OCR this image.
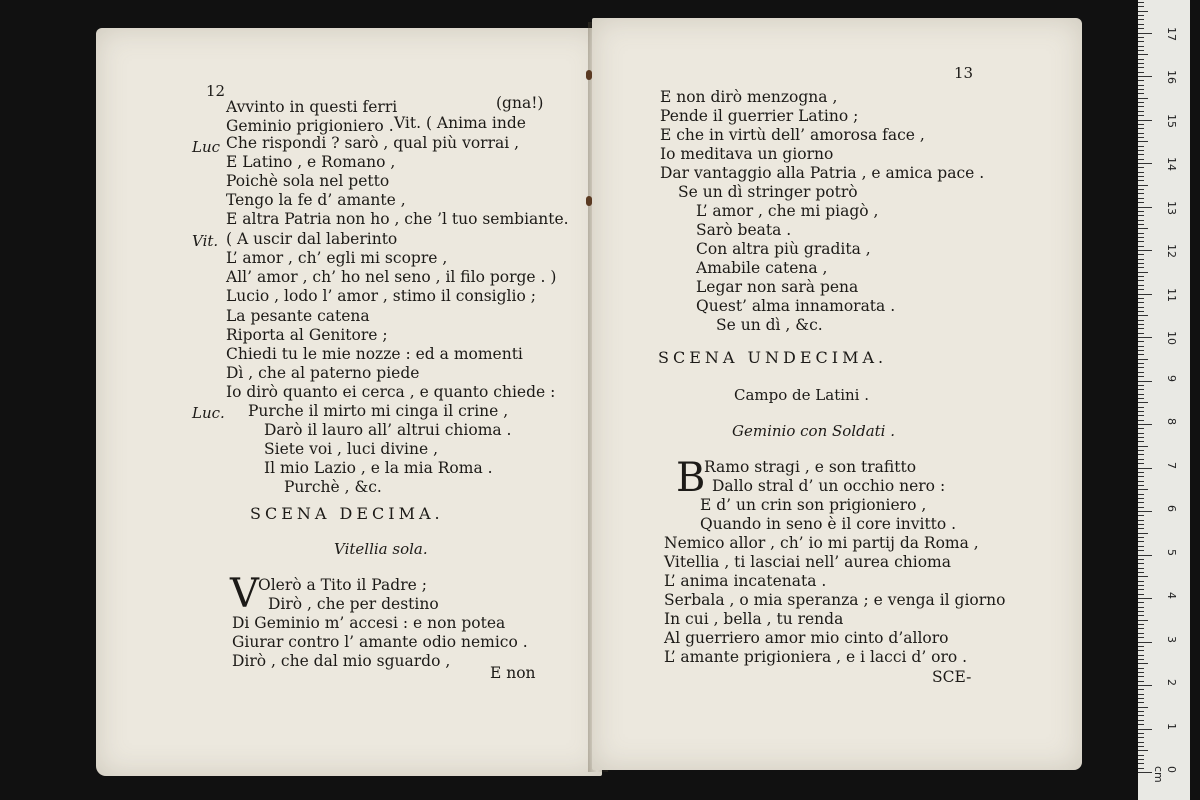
12
Avvinto in questi ferri	(gna!)
Geminio prigioniero . Vit. ( Anima inde
Luc Che rispondi ? sarò , qual più vorrai ,
E Latino , e Romano ,
Poichè sola nel petto
Tengo la fe d’ amante ,
E altra Patria non ho , che ’l tuo sembiante.
Vit. ( A uscir dal laberinto
L’ amor , ch’ egli mi scopre ,
All’ amor , ch’ ho nel seno , il filo porge . )
Lucio , lodo l’ amor , stimo il consiglio ;
La pesante catena
Riporta al Genitore ;
Chiedi tu le mie nozze : ed a momenti
Dì , che al paterno piede
Io dirò quanto ei cerca , e quanto chiede :
Luc. Purche il mirto mi cinga il crine ,
Darò il lauro all’ altrui chioma .
Siete voi , luci divine ,
Il mio Lazio , e la mia Roma .
Purchè , &c.
SCENA DECIMA.
Vitellia sola.
V Olerò a Tito il Padre ;
Dirò , che per destino
Di Geminio m’ accesi : e non potea
Giurar contro l’ amante odio nemico .
Dirò , che dal mio sguardo ,
E non
13
E non dirò menzogna ,
Pende il guerrier Latino ;
E che in virtù dell’ amorosa face ,
Io meditava un giorno
Dar vantaggio alla Patria , e amica pace .
Se un dì stringer potrò
L’ amor , che mi piagò ,
Sarò beata .
Con altra più gradita ,
Amabile catena ,
Legar non sarà pena
Quest’ alma innamorata .
Se un dì , &c.
SCENA UNDECIMA.
Campo de Latini .
Geminio con Soldati .
B
Ramo stragi , e son trafitto
Dallo stral d’ un occhio nero :
E d’ un crin son prigioniero ,
Quando in seno è il core invitto .
Nemico allor , ch’ io mi partij da Roma ,
Vitellia , ti lasciai nell’ aurea chioma
L’ anima incatenata .
Serbala , o mia speranza ; e venga il giorno
In cui , bella , tu renda
Al guerriero amor mio cinto d’alloro
L’ amante prigioniera , e i lacci d’ oro .
SCE-
0 cm
1
2
3
4
5
6
7
8
9
10
11
12
13
14
15
16
17
